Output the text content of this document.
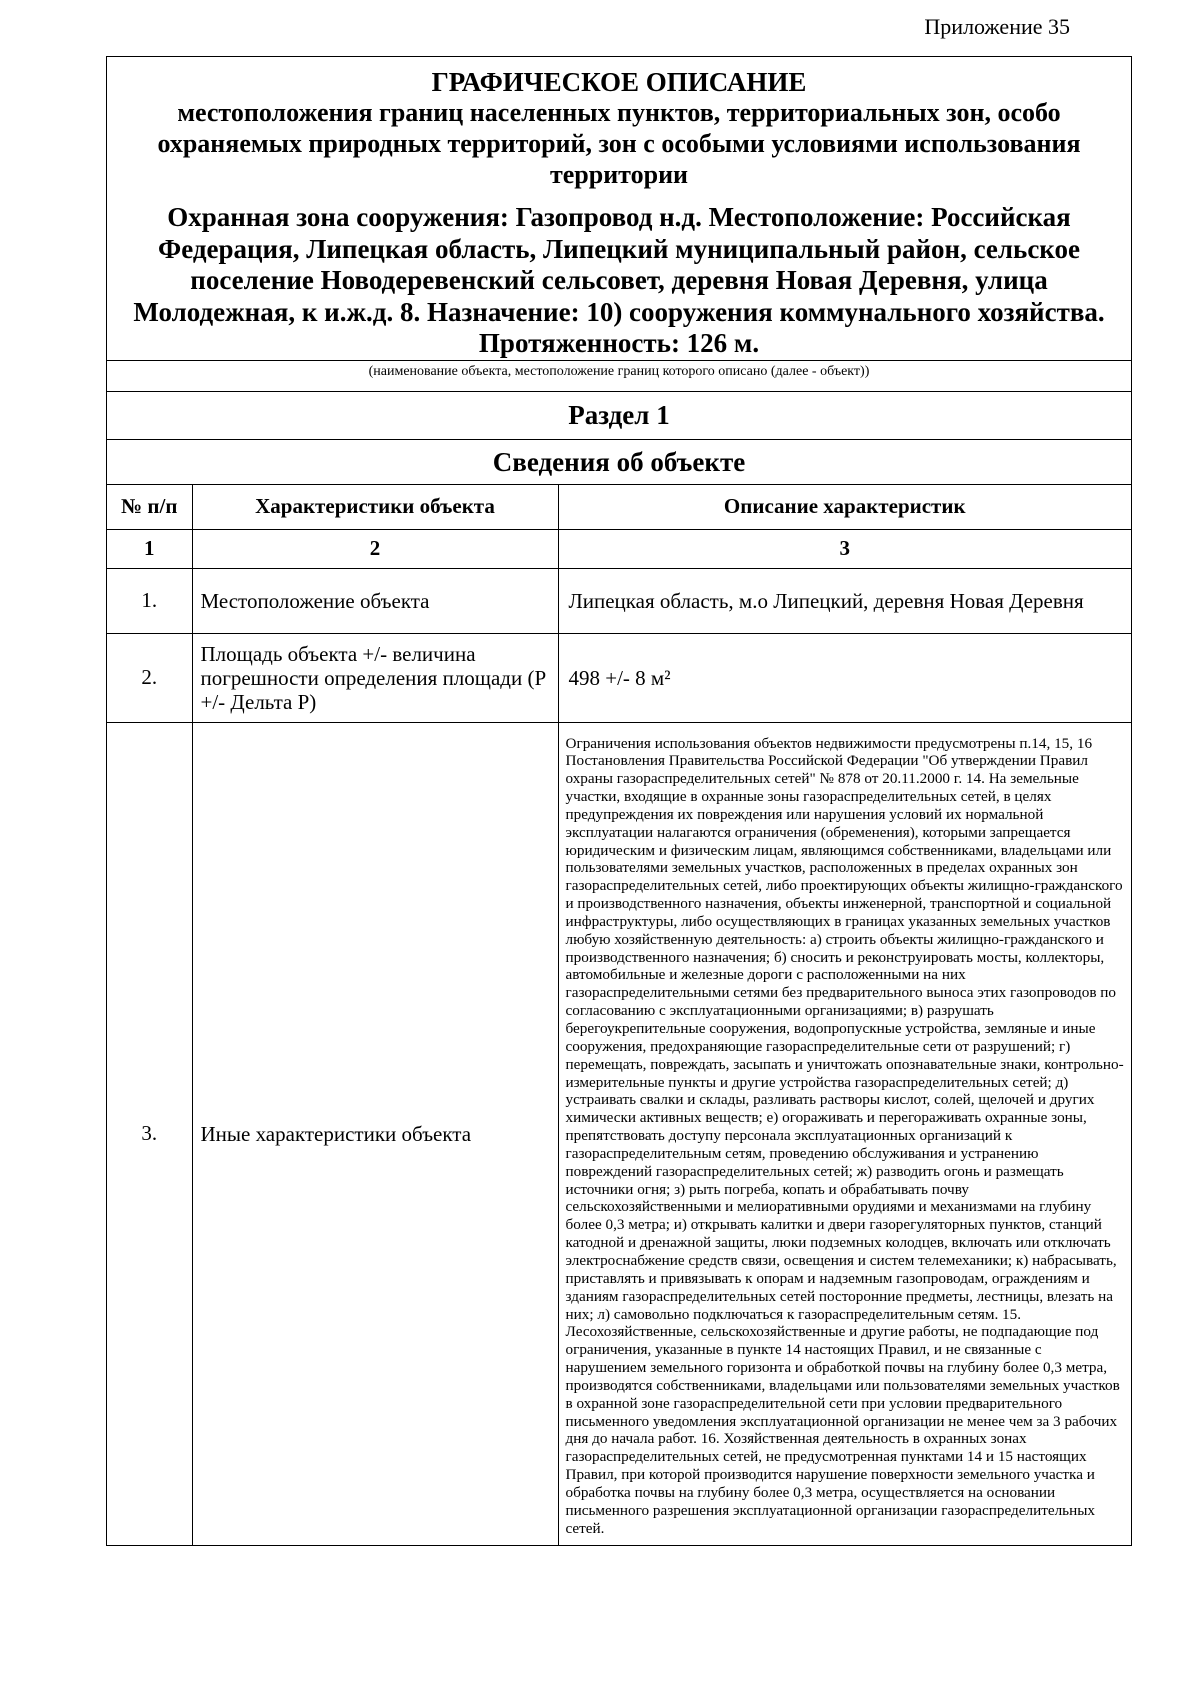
Приложение 35
ГРАФИЧЕСКОЕ ОПИСАНИЕ
местоположения границ населенных пунктов, территориальных зон, особо охраняемых природных территорий, зон с особыми условиями использования территории
Охранная зона сооружения: Газопровод н.д. Местоположение: Российская Федерация, Липецкая область, Липецкий муниципальный район, сельское поселение Новодеревенский сельсовет, деревня Новая Деревня, улица Молодежная, к и.ж.д. 8. Назначение: 10) сооружения коммунального хозяйства. Протяженность: 126 м.
(наименование объекта, местоположение границ которого описано (далее - объект))
Раздел 1
Сведения об объекте
№ п/п	Характеристики объекта	Описание характеристик
1	2	3
1.	Местоположение объекта	Липецкая область, м.о Липецкий, деревня Новая Деревня
2.	Площадь объекта +/- величина погрешности определения площади (P +/- Дельта P)	498 +/- 8 м²
3.	Иные характеристики объекта	Ограничения использования объектов недвижимости предусмотрены п.14, 15, 16 Постановления Правительства Российской Федерации "Об утверждении Правил охраны газораспределительных сетей" № 878 от 20.11.2000 г. 14. На земельные участки, входящие в охранные зоны газораспределительных сетей, в целях предупреждения их повреждения или нарушения условий их нормальной эксплуатации налагаются ограничения (обременения), которыми запрещается юридическим и физическим лицам, являющимся собственниками, владельцами или пользователями земельных участков, расположенных в пределах охранных зон газораспределительных сетей, либо проектирующих объекты жилищно-гражданского и производственного назначения, объекты инженерной, транспортной и социальной инфраструктуры, либо осуществляющих в границах указанных земельных участков любую хозяйственную деятельность: а) строить объекты жилищно-гражданского и производственного назначения; б) сносить и реконструировать мосты, коллекторы, автомобильные и железные дороги с расположенными на них газораспределительными сетями без предварительного выноса этих газопроводов по согласованию с эксплуатационными организациями; в) разрушать берегоукрепительные сооружения, водопропускные устройства, земляные и иные сооружения, предохраняющие газораспределительные сети от разрушений; г) перемещать, повреждать, засыпать и уничтожать опознавательные знаки, контрольно-измерительные пункты и другие устройства газораспределительных сетей; д) устраивать свалки и склады, разливать растворы кислот, солей, щелочей и других химически активных веществ; е) огораживать и перегораживать охранные зоны, препятствовать доступу персонала эксплуатационных организаций к газораспределительным сетям, проведению обслуживания и устранению повреждений газораспределительных сетей; ж) разводить огонь и размещать источники огня; з) рыть погреба, копать и обрабатывать почву сельскохозяйственными и мелиоративными орудиями и механизмами на глубину более 0,3 метра; и) открывать калитки и двери газорегуляторных пунктов, станций катодной и дренажной защиты, люки подземных колодцев, включать или отключать электроснабжение средств связи, освещения и систем телемеханики; к) набрасывать, приставлять и привязывать к опорам и надземным газопроводам, ограждениям и зданиям газораспределительных сетей посторонние предметы, лестницы, влезать на них; л) самовольно подключаться к газораспределительным сетям. 15. Лесохозяйственные, сельскохозяйственные и другие работы, не подпадающие под ограничения, указанные в пункте 14 настоящих Правил, и не связанные с нарушением земельного горизонта и обработкой почвы на глубину более 0,3 метра, производятся собственниками, владельцами или пользователями земельных участков в охранной зоне газораспределительной сети при условии предварительного письменного уведомления эксплуатационной организации не менее чем за 3 рабочих дня до начала работ. 16. Хозяйственная деятельность в охранных зонах газораспределительных сетей, не предусмотренная пунктами 14 и 15 настоящих Правил, при которой производится нарушение поверхности земельного участка и обработка почвы на глубину более 0,3 метра, осуществляется на основании письменного разрешения эксплуатационной организации газораспределительных сетей.
